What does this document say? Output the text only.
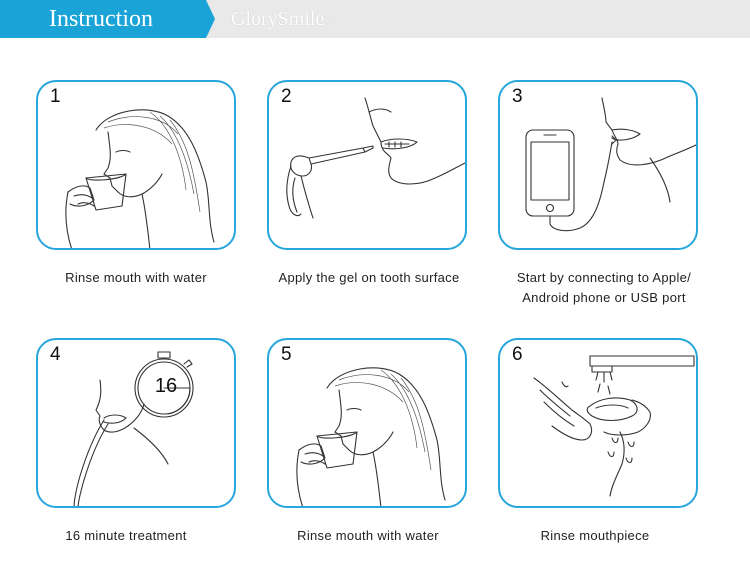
Instruction	GlorySmile®
1
Rinse mouth with water
2
Apply the gel on tooth surface
3
Start by connecting to Apple/
Android phone or USB port
4
16
16 minute treatment
5
Rinse mouth with water
6
Rinse mouthpiece
